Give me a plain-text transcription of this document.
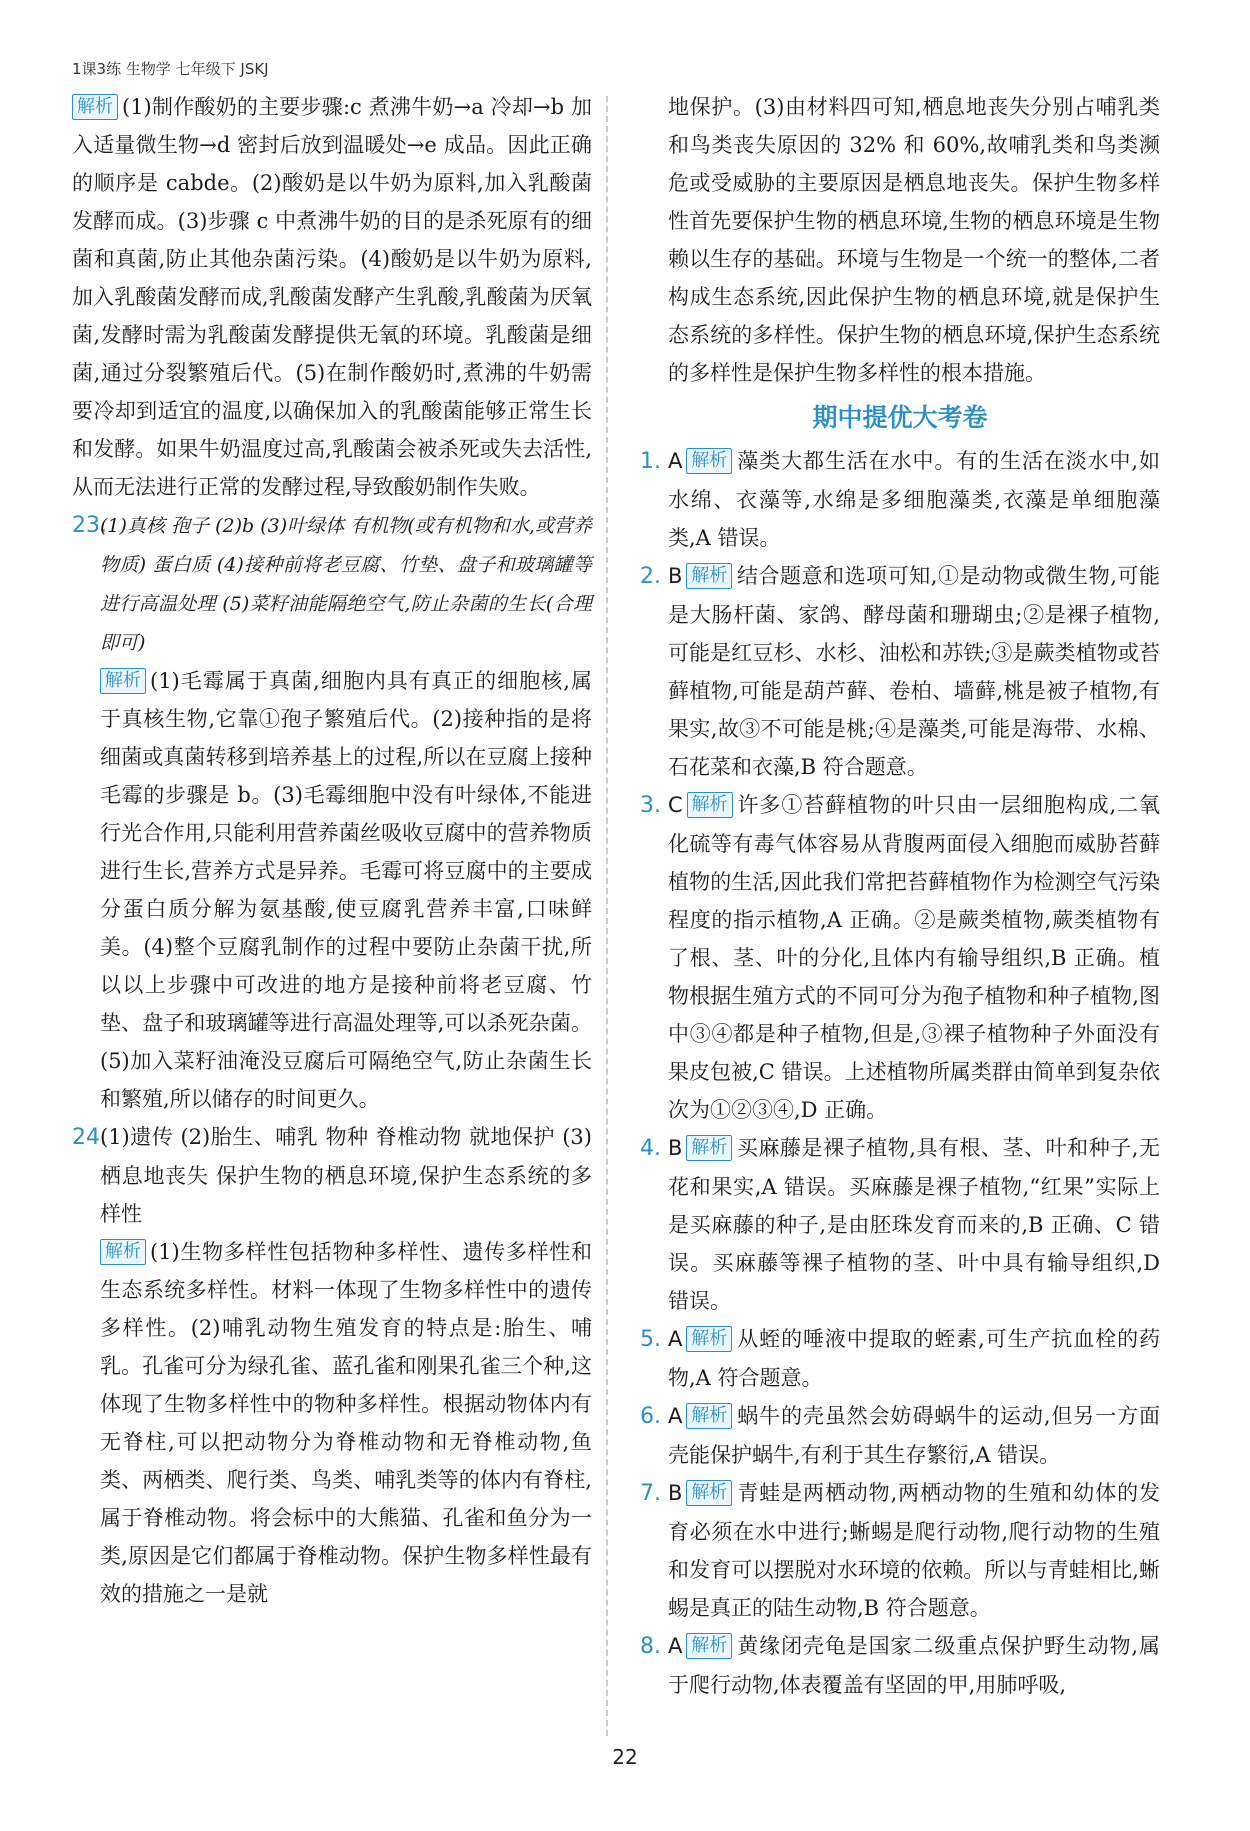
1课3练 生物学 七年级下 JSKJ

解析 (1)制作酸奶的主要步骤:c 煮沸牛奶→a 冷却→b 加入适量微生物→d 密封后放到温暖处→e 成品。因此正确的顺序是 cabde。(2)酸奶是以牛奶为原料,加入乳酸菌发酵而成。(3)步骤 c 中煮沸牛奶的目的是杀死原有的细菌和真菌,防止其他杂菌污染。(4)酸奶是以牛奶为原料,加入乳酸菌发酵而成,乳酸菌发酵产生乳酸,乳酸菌为厌氧菌,发酵时需为乳酸菌发酵提供无氧的环境。乳酸菌是细菌,通过分裂繁殖后代。(5)在制作酸奶时,煮沸的牛奶需要冷却到适宜的温度,以确保加入的乳酸菌能够正常生长和发酵。如果牛奶温度过高,乳酸菌会被杀死或失去活性,从而无法进行正常的发酵过程,导致酸奶制作失败。

23.(1)真核 孢子 (2)b (3)叶绿体 有机物(或有机物和水,或营养物质) 蛋白质 (4)接种前将老豆腐、竹垫、盘子和玻璃罐等进行高温处理 (5)菜籽油能隔绝空气,防止杂菌的生长(合理即可)

解析 (1)毛霉属于真菌,细胞内具有真正的细胞核,属于真核生物,它靠①孢子繁殖后代。(2)接种指的是将细菌或真菌转移到培养基上的过程,所以在豆腐上接种毛霉的步骤是 b。(3)毛霉细胞中没有叶绿体,不能进行光合作用,只能利用营养菌丝吸收豆腐中的营养物质进行生长,营养方式是异养。毛霉可将豆腐中的主要成分蛋白质分解为氨基酸,使豆腐乳营养丰富,口味鲜美。(4)整个豆腐乳制作的过程中要防止杂菌干扰,所以以上步骤中可改进的地方是接种前将老豆腐、竹垫、盘子和玻璃罐等进行高温处理等,可以杀死杂菌。(5)加入菜籽油淹没豆腐后可隔绝空气,防止杂菌生长和繁殖,所以储存的时间更久。

24.(1)遗传 (2)胎生、哺乳 物种 脊椎动物 就地保护 (3)栖息地丧失 保护生物的栖息环境,保护生态系统的多样性

解析 (1)生物多样性包括物种多样性、遗传多样性和生态系统多样性。材料一体现了生物多样性中的遗传多样性。(2)哺乳动物生殖发育的特点是:胎生、哺乳。孔雀可分为绿孔雀、蓝孔雀和刚果孔雀三个种,这体现了生物多样性中的物种多样性。根据动物体内有无脊柱,可以把动物分为脊椎动物和无脊椎动物,鱼类、两栖类、爬行类、鸟类、哺乳类等的体内有脊柱,属于脊椎动物。将会标中的大熊猫、孔雀和鱼分为一类,原因是它们都属于脊椎动物。保护生物多样性最有效的措施之一是就

地保护。(3)由材料四可知,栖息地丧失分别占哺乳类和鸟类丧失原因的 32% 和 60%,故哺乳类和鸟类濒危或受威胁的主要原因是栖息地丧失。保护生物多样性首先要保护生物的栖息环境,生物的栖息环境是生物赖以生存的基础。环境与生物是一个统一的整体,二者构成生态系统,因此保护生物的栖息环境,就是保护生态系统的多样性。保护生物的栖息环境,保护生态系统的多样性是保护生物多样性的根本措施。

期中提优大考卷

1. A 解析 藻类大都生活在水中。有的生活在淡水中,如水绵、衣藻等,水绵是多细胞藻类,衣藻是单细胞藻类,A 错误。

2. B 解析 结合题意和选项可知,①是动物或微生物,可能是大肠杆菌、家鸽、酵母菌和珊瑚虫;②是裸子植物,可能是红豆杉、水杉、油松和苏铁;③是蕨类植物或苔藓植物,可能是葫芦藓、卷柏、墙藓,桃是被子植物,有果实,故③不可能是桃;④是藻类,可能是海带、水棉、石花菜和衣藻,B 符合题意。

3. C 解析 许多①苔藓植物的叶只由一层细胞构成,二氧化硫等有毒气体容易从背腹两面侵入细胞而威胁苔藓植物的生活,因此我们常把苔藓植物作为检测空气污染程度的指示植物,A 正确。②是蕨类植物,蕨类植物有了根、茎、叶的分化,且体内有输导组织,B 正确。植物根据生殖方式的不同可分为孢子植物和种子植物,图中③④都是种子植物,但是,③裸子植物种子外面没有果皮包被,C 错误。上述植物所属类群由简单到复杂依次为①②③④,D 正确。

4. B 解析 买麻藤是裸子植物,具有根、茎、叶和种子,无花和果实,A 错误。买麻藤是裸子植物,“红果”实际上是买麻藤的种子,是由胚珠发育而来的,B 正确、C 错误。买麻藤等裸子植物的茎、叶中具有输导组织,D 错误。

5. A 解析 从蛭的唾液中提取的蛭素,可生产抗血栓的药物,A 符合题意。

6. A 解析 蜗牛的壳虽然会妨碍蜗牛的运动,但另一方面壳能保护蜗牛,有利于其生存繁衍,A 错误。

7. B 解析 青蛙是两栖动物,两栖动物的生殖和幼体的发育必须在水中进行;蜥蜴是爬行动物,爬行动物的生殖和发育可以摆脱对水环境的依赖。所以与青蛙相比,蜥蜴是真正的陆生动物,B 符合题意。

8. A 解析 黄缘闭壳龟是国家二级重点保护野生动物,属于爬行动物,体表覆盖有坚固的甲,用肺呼吸,

22
